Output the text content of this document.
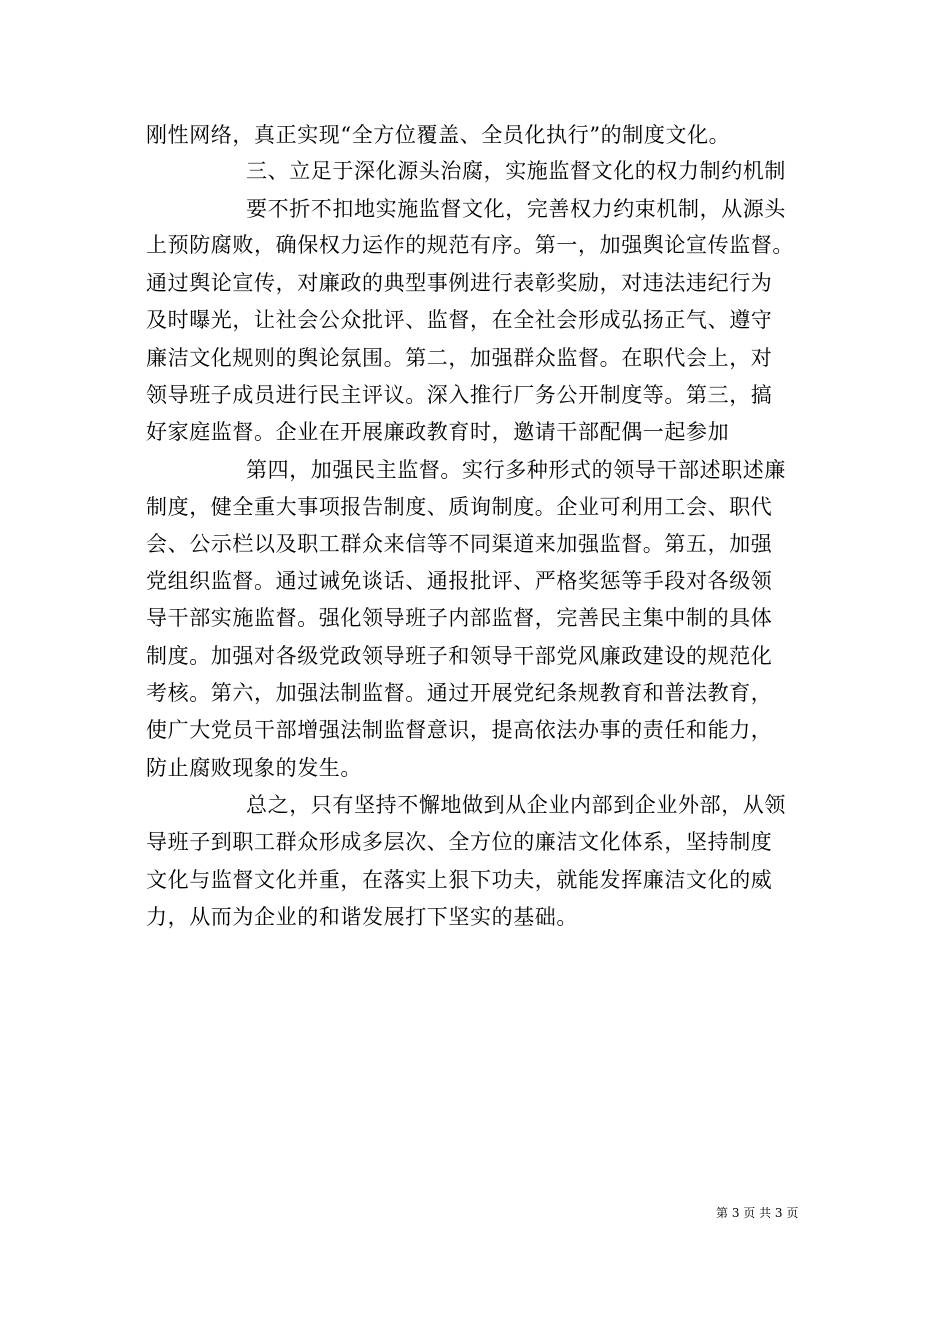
刚性网络，真正实现“全方位覆盖、全员化执行”的制度文化。
三、立足于深化源头治腐，实施监督文化的权力制约机制
要不折不扣地实施监督文化，完善权力约束机制，从源头
上预防腐败，确保权力运作的规范有序。第一，加强舆论宣传监督。
通过舆论宣传，对廉政的典型事例进行表彰奖励，对违法违纪行为
及时曝光，让社会公众批评、监督，在全社会形成弘扬正气、遵守
廉洁文化规则的舆论氛围。第二，加强群众监督。在职代会上，对
领导班子成员进行民主评议。深入推行厂务公开制度等。第三，搞
好家庭监督。企业在开展廉政教育时，邀请干部配偶一起参加
第四，加强民主监督。实行多种形式的领导干部述职述廉
制度，健全重大事项报告制度、质询制度。企业可利用工会、职代
会、公示栏以及职工群众来信等不同渠道来加强监督。第五，加强
党组织监督。通过诫免谈话、通报批评、严格奖惩等手段对各级领
导干部实施监督。强化领导班子内部监督，完善民主集中制的具体
制度。加强对各级党政领导班子和领导干部党风廉政建设的规范化
考核。第六，加强法制监督。通过开展党纪条规教育和普法教育，
使广大党员干部增强法制监督意识，提高依法办事的责任和能力，
防止腐败现象的发生。
总之，只有坚持不懈地做到从企业内部到企业外部，从领
导班子到职工群众形成多层次、全方位的廉洁文化体系，坚持制度
文化与监督文化并重，在落实上狠下功夫，就能发挥廉洁文化的威
力，从而为企业的和谐发展打下坚实的基础。
第 3 页 共 3 页
